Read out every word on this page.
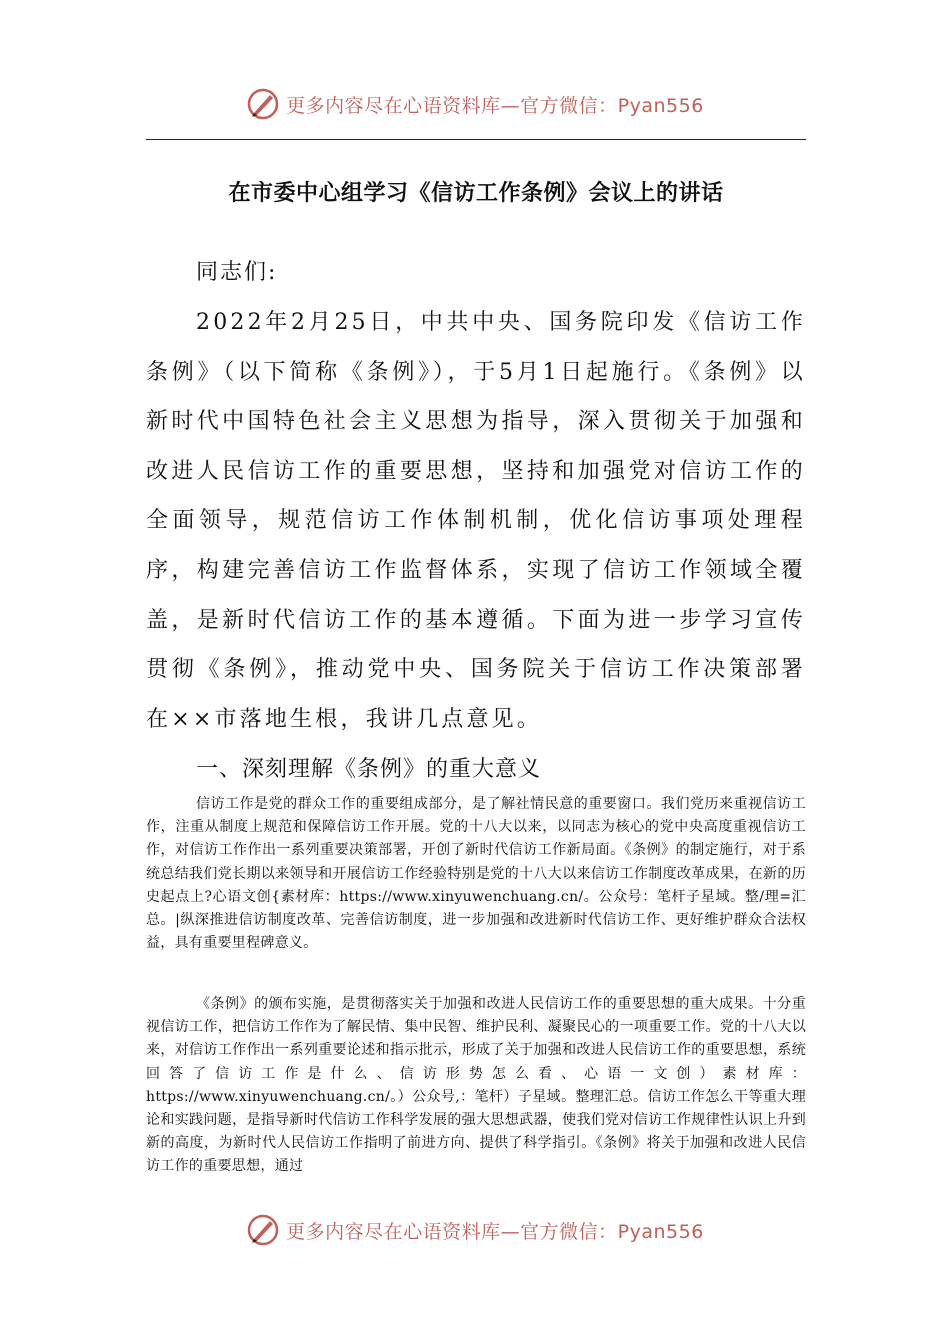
更多内容尽在心语资料库—官方微信：Pyan556
在市委中心组学习《信访工作条例》会议上的讲话
同志们:

2022年2月25日，中共中央、国务院印发《信访工作条例》（以下简称《条例》），于5月1日起施行。《条例》以新时代中国特色社会主义思想为指导，深入贯彻关于加强和改进人民信访工作的重要思想，坚持和加强党对信访工作的全面领导，规范信访工作体制机制，优化信访事项处理程序，构建完善信访工作监督体系，实现了信访工作领域全覆盖，是新时代信访工作的基本遵循。下面为进一步学习宣传贯彻《条例》，推动党中央、国务院关于信访工作决策部署在××市落地生根，我讲几点意见。

一、深刻理解《条例》的重大意义

信访工作是党的群众工作的重要组成部分，是了解社情民意的重要窗口。我们党历来重视信访工作，注重从制度上规范和保障信访工作开展。党的十八大以来，以同志为核心的党中央高度重视信访工作，对信访工作作出一系列重要决策部署，开创了新时代信访工作新局面。《条例》的制定施行，对于系统总结我们党长期以来领导和开展信访工作经验特别是党的十八大以来信访工作制度改革成果，在新的历史起点上?心语文创{素材库：https://www.xinyuwenchuang.cn/。公众号：笔杆子星域。整/理=汇总。|纵深推进信访制度改革、完善信访制度，进一步加强和改进新时代信访工作、更好维护群众合法权益，具有重要里程碑意义。

《条例》的颁布实施，是贯彻落实关于加强和改进人民信访工作的重要思想的重大成果。十分重视信访工作，把信访工作作为了解民情、集中民智、维护民利、凝聚民心的一项重要工作。党的十八大以来，对信访工作作出一系列重要论述和指示批示，形成了关于加强和改进人民信访工作的重要思想，系统回答了信访工作是什么、信访形势怎么看、心语一文创）素材库：https://www.xinyuwenchuang.cn/。）公众号,：笔杆）子星域。整理汇总。信访工作怎么干等重大理论和实践问题，是指导新时代信访工作科学发展的强大思想武器，使我们党对信访工作规律性认识上升到新的高度，为新时代人民信访工作指明了前进方向、提供了科学指引。《条例》将关于加强和改进人民信访工作的重要思想，通过

更多内容尽在心语资料库—官方微信：Pyan556
